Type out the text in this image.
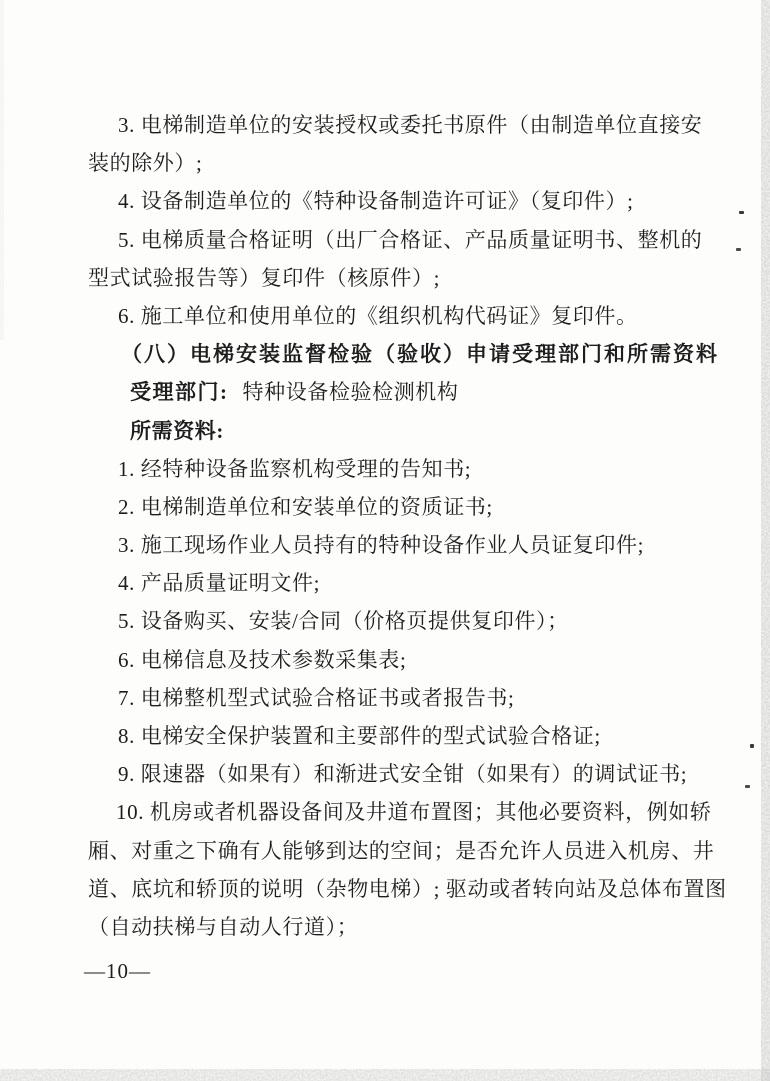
3. 电梯制造单位的安装授权或委托书原件（由制造单位直接安
装的除外）;
4. 设备制造单位的《特种设备制造许可证》（复印件）;
5. 电梯质量合格证明（出厂合格证、产品质量证明书、整机的
型式试验报告等）复印件（核原件）;
6. 施工单位和使用单位的《组织机构代码证》复印件。
（八）电梯安装监督检验（验收）申请受理部门和所需资料
受理部门: 特种设备检验检测机构
所需资料:
1. 经特种设备监察机构受理的告知书;
2. 电梯制造单位和安装单位的资质证书;
3. 施工现场作业人员持有的特种设备作业人员证复印件;
4. 产品质量证明文件;
5. 设备购买、安装/合同（价格页提供复印件）；
6. 电梯信息及技术参数采集表;
7. 电梯整机型式试验合格证书或者报告书;
8. 电梯安全保护装置和主要部件的型式试验合格证;
9. 限速器（如果有）和渐进式安全钳（如果有）的调试证书;
10. 机房或者机器设备间及井道布置图；其他必要资料，例如轿
厢、对重之下确有人能够到达的空间；是否允许人员进入机房、井
道、底坑和轿顶的说明（杂物电梯）; 驱动或者转向站及总体布置图
（自动扶梯与自动人行道）；
—10—
